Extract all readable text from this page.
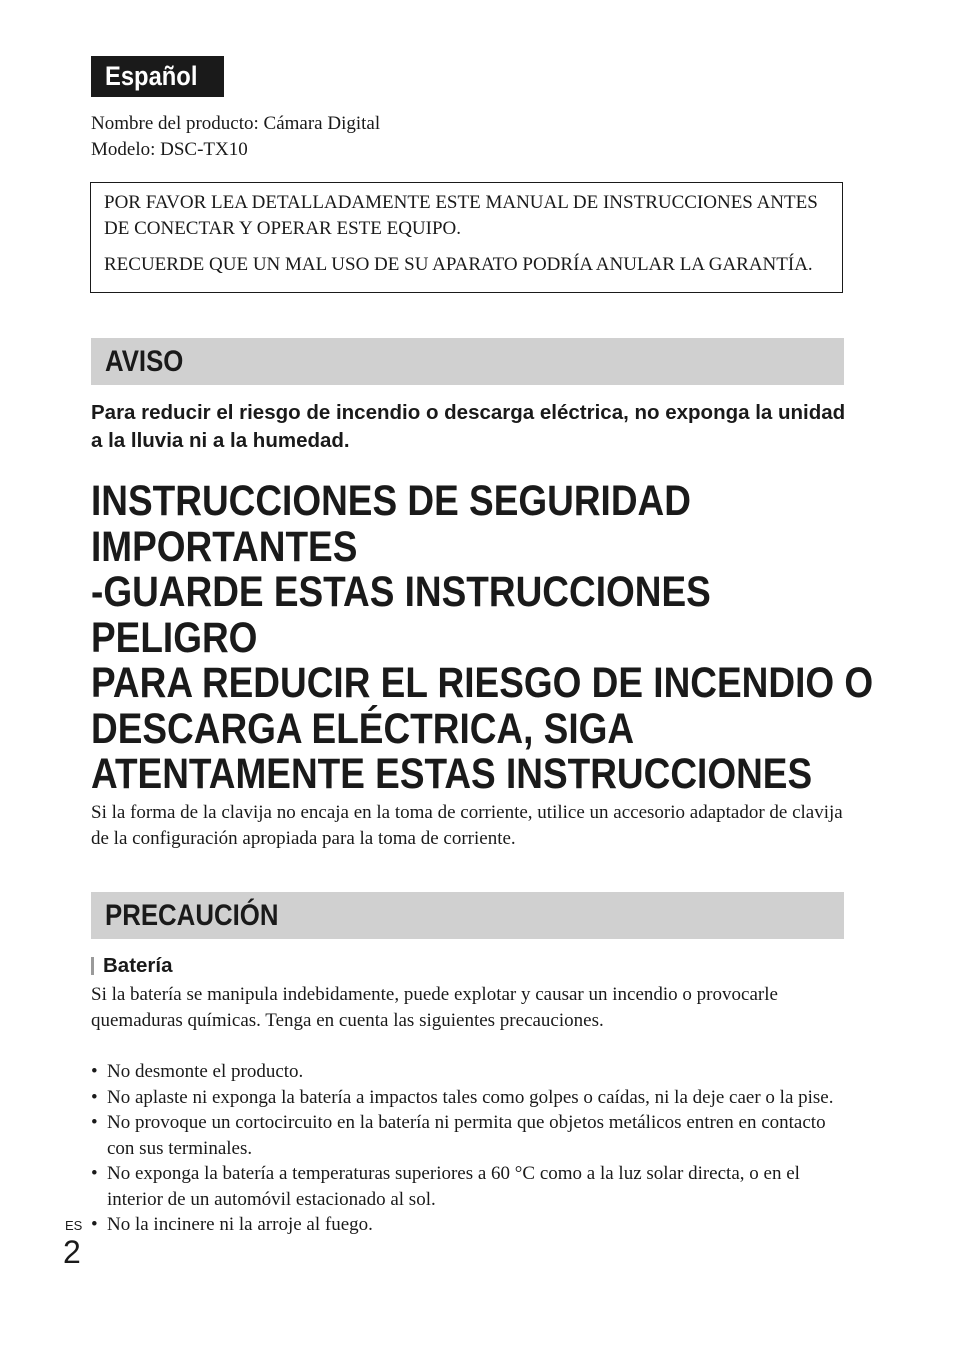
Español
Nombre del producto: Cámara Digital
Modelo: DSC-TX10

POR FAVOR LEA DETALLADAMENTE ESTE MANUAL DE INSTRUCCIONES ANTES DE CONECTAR Y OPERAR ESTE EQUIPO.

RECUERDE QUE UN MAL USO DE SU APARATO PODRÍA ANULAR LA GARANTÍA.

AVISO
Para reducir el riesgo de incendio o descarga eléctrica, no exponga la unidad a la lluvia ni a la humedad.
INSTRUCCIONES DE SEGURIDAD
IMPORTANTES
-GUARDE ESTAS INSTRUCCIONES
PELIGRO
PARA REDUCIR EL RIESGO DE INCENDIO O
DESCARGA ELÉCTRICA, SIGA
ATENTAMENTE ESTAS INSTRUCCIONES
Si la forma de la clavija no encaja en la toma de corriente, utilice un accesorio adaptador de clavija de la configuración apropiada para la toma de corriente.
PRECAUCIÓN
Batería
Si la batería se manipula indebidamente, puede explotar y causar un incendio o provocarle quemaduras químicas. Tenga en cuenta las siguientes precauciones.
• No desmonte el producto.
• No aplaste ni exponga la batería a impactos tales como golpes o caídas, ni la deje caer o la pise.
• No provoque un cortocircuito en la batería ni permita que objetos metálicos entren en contacto con sus terminales.
• No exponga la batería a temperaturas superiores a 60 °C como a la luz solar directa, o en el interior de un automóvil estacionado al sol.
• No la incinere ni la arroje al fuego.
ES
2
